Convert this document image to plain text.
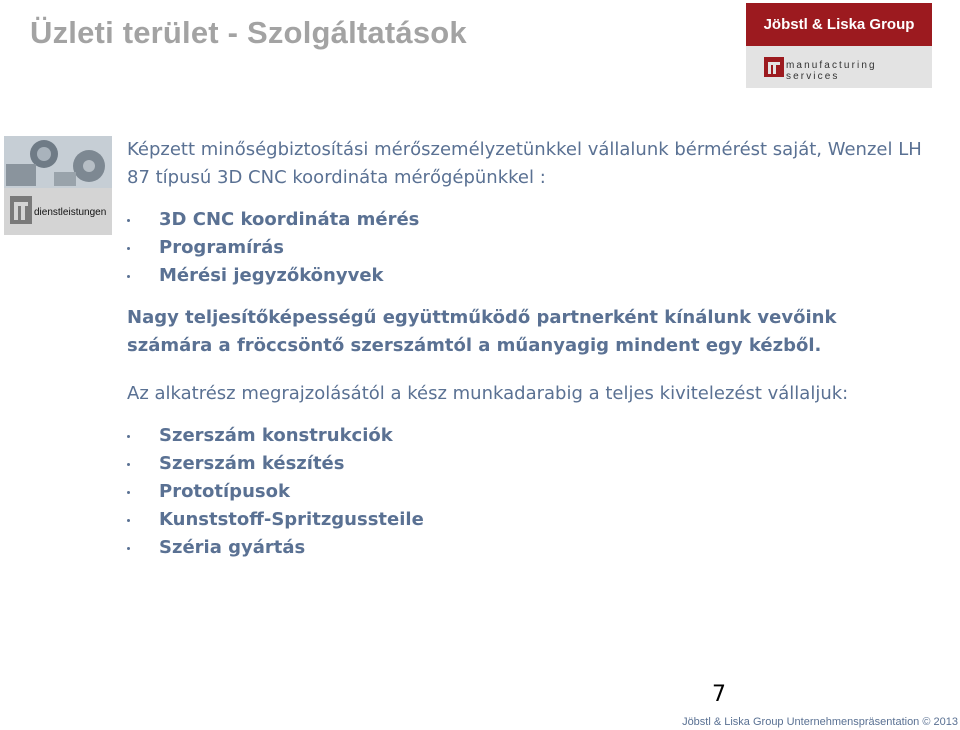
Üzleti terület - Szolgáltatások	Jöbstl & Liska Group
manufacturing services
dienstleistungen

Képzett minőségbiztosítási mérőszemélyzetünkkel vállalunk bérmérést saját, Wenzel LH 87 típusú 3D CNC koordináta mérőgépünkkel :

3D CNC koordináta mérés
Programírás
Mérési jegyzőkönyvek

Nagy teljesítőképességű együttműködő partnerként kínálunk vevőink számára a fröccsöntő szerszámtól a műanyagig mindent egy kézből.

Az alkatrész megrajzolásától a kész munkadarabig a teljes kivitelezést vállaljuk:

Szerszám konstrukciók
Szerszám készítés
Prototípusok
Kunststoff-Spritzgussteile
Széria gyártás
7
Jöbstl & Liska Group Unternehmenspräsentation © 2013
